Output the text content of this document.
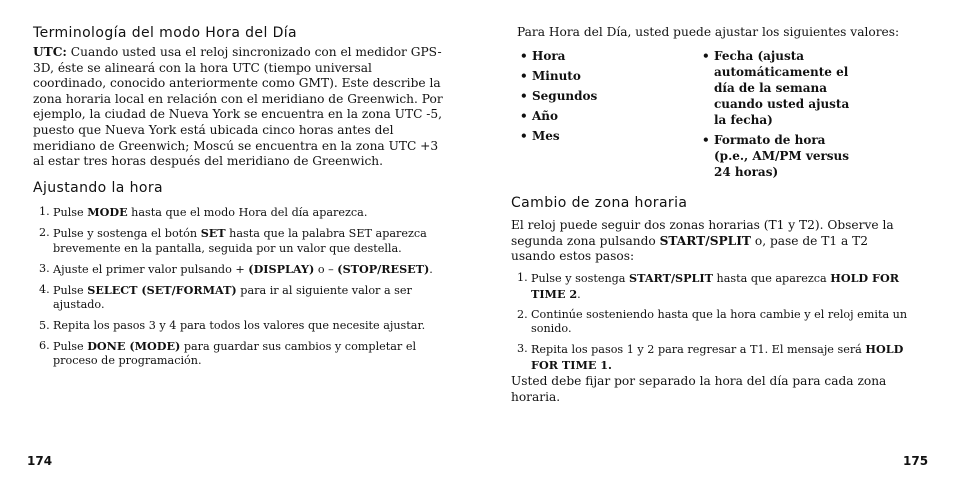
Terminología del modo Hora del Día

UTC: Cuando usted usa el reloj sincronizado con el medidor GPS-3D, éste se alineará con la hora UTC (tiempo universal coordinado, conocido anteriormente como GMT). Este describe la zona horaria local en relación con el meridiano de Greenwich. Por ejemplo, la ciudad de Nueva York se encuentra en la zona UTC -5, puesto que Nueva York está ubicada cinco horas antes del meridiano de Greenwich; Moscú se encuentra en la zona UTC +3 al estar tres horas después del meridiano de Greenwich.

Ajustando la hora
1. Pulse MODE hasta que el modo Hora del día aparezca.
2. Pulse y sostenga el botón SET hasta que la palabra SET aparezca brevemente en la pantalla, seguida por un valor que destella.
3. Ajuste el primer valor pulsando + (DISPLAY) o – (STOP/RESET).
4. Pulse SELECT (SET/FORMAT) para ir al siguiente valor a ser ajustado.
5. Repita los pasos 3 y 4 para todos los valores que necesite ajustar.
6. Pulse DONE (MODE) para guardar sus cambios y completar el proceso de programación.
174

Para Hora del Día, usted puede ajustar los siguientes valores:

• Hora
• Minuto
• Segundos
• Año
• Mes
• Fecha (ajusta automáticamente el día de la semana cuando usted ajusta la fecha)
• Formato de hora (p.e., AM/PM versus 24 horas)
Cambio de zona horaria

El reloj puede seguir dos zonas horarias (T1 y T2). Observe la segunda zona pulsando START/SPLIT o, pase de T1 a T2 usando estos pasos:

1. Pulse y sostenga START/SPLIT hasta que aparezca HOLD FOR TIME 2.
2. Continúe sosteniendo hasta que la hora cambie y el reloj emita un sonido.
3. Repita los pasos 1 y 2 para regresar a T1. El mensaje será HOLD FOR TIME 1.

Usted debe fijar por separado la hora del día para cada zona horaria.

175
